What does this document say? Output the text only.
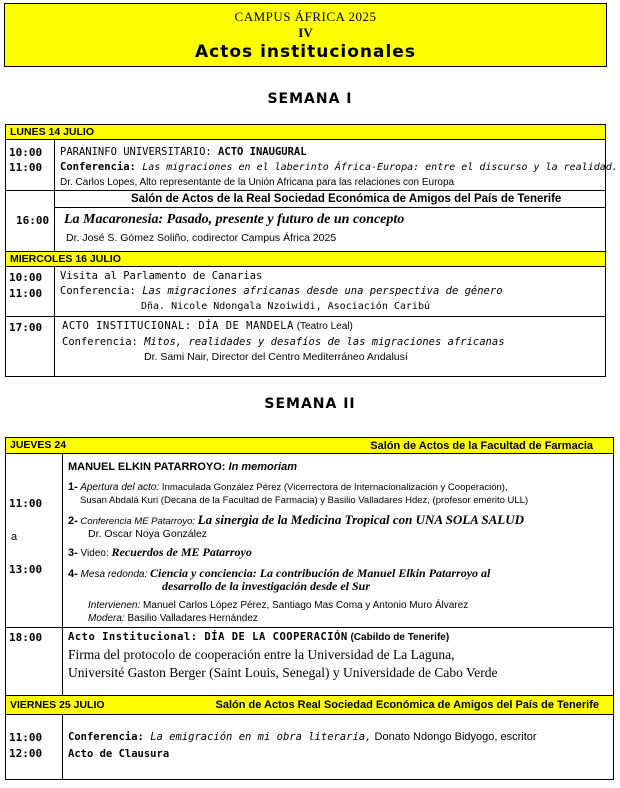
CAMPUS ÁFRICA 2025
IV
Actos institucionales
SEMANA I
LUNES 14 JULIO
10:00
11:00
PARANINFO UNIVERSITARIO: ACTO INAUGURAL
Conferencia: Las migraciones en el laberinto África-Europa: entre el discurso y la realidad.
Dr. Carlos Lopes, Alto representante de la Unión Africana para las relaciones con Europa
Salón de Actos de la Real Sociedad Económica de Amigos del País de Tenerife
16:00 La Macaronesia: Pasado, presente y futuro de un concepto
Dr. José S. Gómez Soliño, codirector Campus África 2025
MIERCOLES 16 JULIO
10:00
11:00
Visita al Parlamento de Canarias
Conferencia: Las migraciones africanas desde una perspectiva de género
Dña. Nicole Ndongala Nzoiwidi, Asociación Caribú
17:00 ACTO INSTITUCIONAL: DÍA DE MANDELA (Teatro Leal)
Conferencia: Mitos, realidades y desafíos de las migraciones africanas
Dr. Sami Nair, Director del Centro Mediterráneo Andalusí
SEMANA II
JUEVES 24	Salón de Actos de la Facultad de Farmacia
11:00
a
13:00
MANUEL ELKIN PATARROYO: In memoriam
1- Apertura del acto: Inmaculada González Pérez (Vicerrectora de Internacionalización y Cooperación),
Susan Abdalá Kuri (Decana de la Facultad de Farmacia) y Basilio Valladares Hdez, (profesor emérito ULL)
2- Conferencia ME Patarroyo: La sinergia de la Medicina Tropical con UNA SOLA SALUD
Dr. Oscar Noya González
3- Video: Recuerdos de ME Patarroyo
4- Mesa redonda: Ciencia y conciencia: La contribución de Manuel Elkin Patarroyo al
desarrollo de la investigación desde el Sur
Intervienen: Manuel Carlos López Pérez, Santiago Mas Coma y Antonio Muro Álvarez
Modera: Basilio Valladares Hernández
18:00 Acto Institucional: DÍA DE LA COOPERACIÓN (Cabildo de Tenerife)
Firma del protocolo de cooperación entre la Universidad de La Laguna,
Université Gaston Berger (Saint Louis, Senegal) y Universidade de Cabo Verde
VIERNES 25 JULIO	Salón de Actos Real Sociedad Económica de Amigos del País de Tenerife
11:00
12:00
Conferencia: La emigración en mi obra literaria, Donato Ndongo Bidyogo, escritor
Acto de Clausura
